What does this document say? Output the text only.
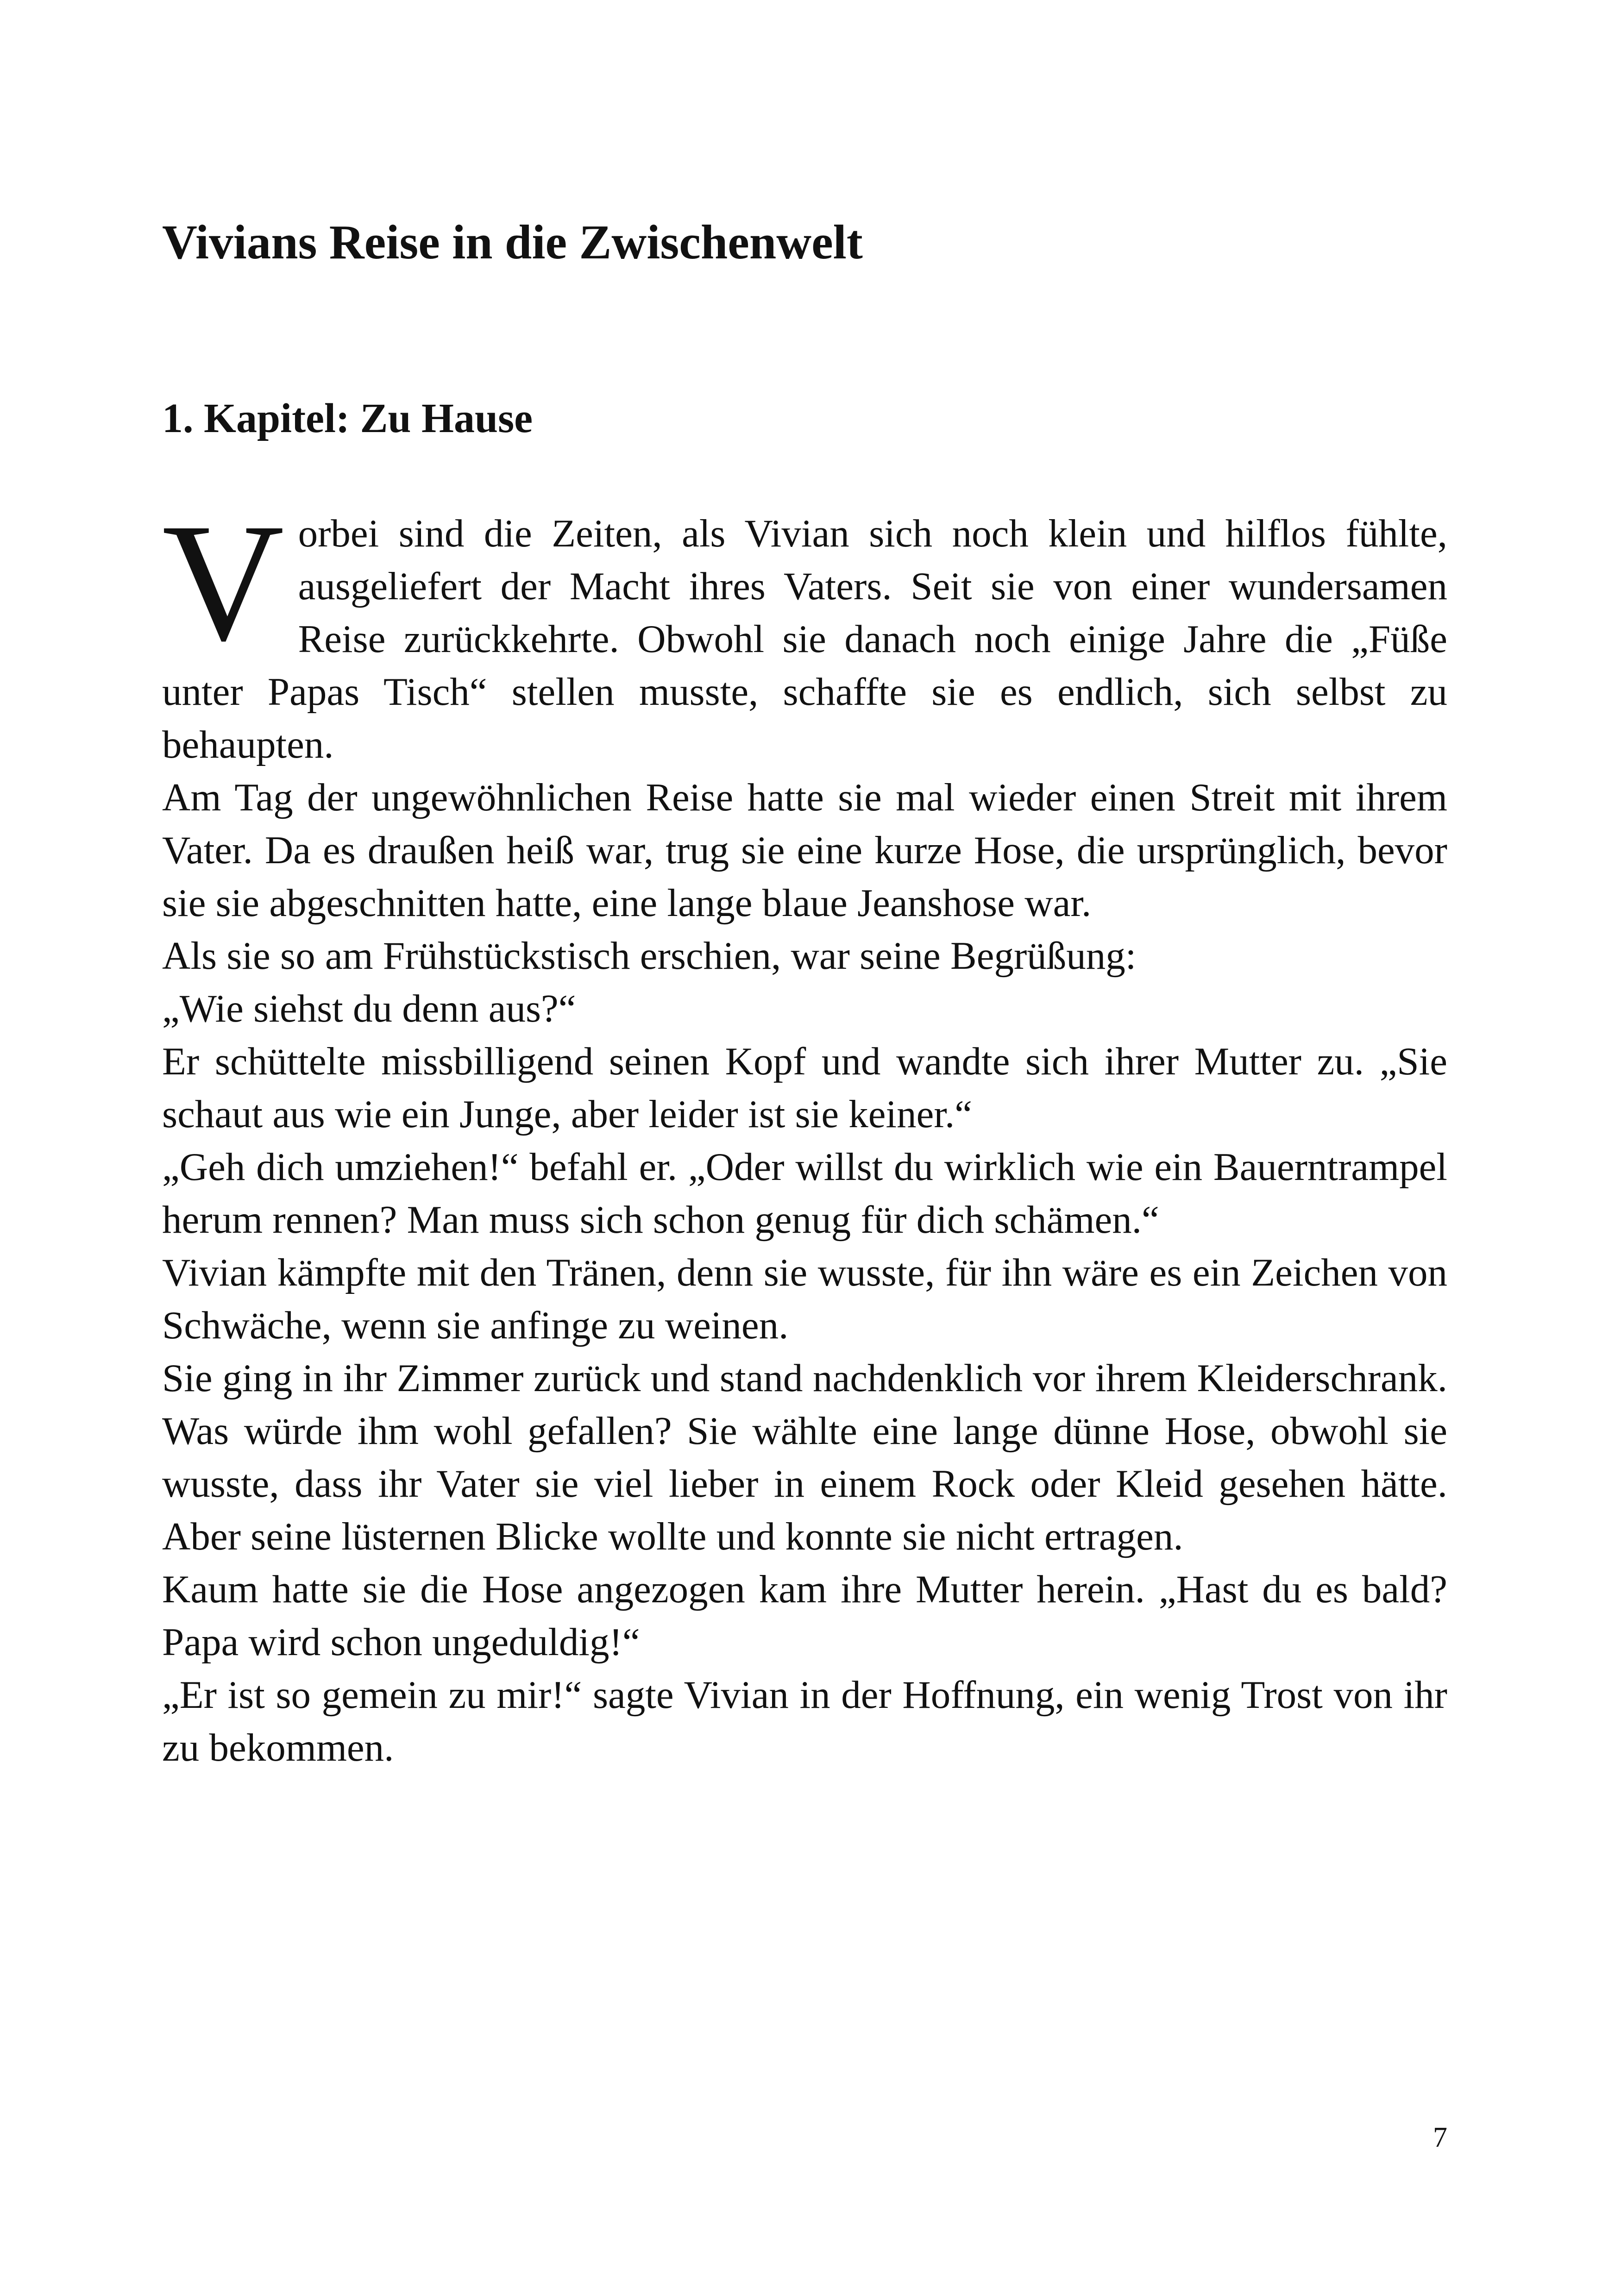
Vivians Reise in die Zwischenwelt
1. Kapitel: Zu Hause

Vorbei sind die Zeiten, als Vivian sich noch klein und hilflos fühlte, ausgeliefert der Macht ihres Vaters. Seit sie von einer wundersamen Reise zurückkehrte. Obwohl sie danach noch einige Jahre die „Füße unter Papas Tisch“ stellen musste, schaffte sie es endlich, sich selbst zu behaupten.

Am Tag der ungewöhnlichen Reise hatte sie mal wieder einen Streit mit ihrem Vater. Da es draußen heiß war, trug sie eine kurze Hose, die ursprünglich, bevor sie sie abgeschnitten hatte, eine lange blaue Jeanshose war.

Als sie so am Frühstückstisch erschien, war seine Begrüßung:

„Wie siehst du denn aus?“

Er schüttelte missbilligend seinen Kopf und wandte sich ihrer Mutter zu. „Sie schaut aus wie ein Junge, aber leider ist sie keiner.“

„Geh dich umziehen!“ befahl er. „Oder willst du wirklich wie ein Bauerntrampel herum rennen? Man muss sich schon genug für dich schämen.“

Vivian kämpfte mit den Tränen, denn sie wusste, für ihn wäre es ein Zeichen von Schwäche, wenn sie anfinge zu weinen.

Sie ging in ihr Zimmer zurück und stand nachdenklich vor ihrem Kleiderschrank. Was würde ihm wohl gefallen? Sie wählte eine lange dünne Hose, obwohl sie wusste, dass ihr Vater sie viel lieber in einem Rock oder Kleid gesehen hätte. Aber seine lüsternen Blicke wollte und konnte sie nicht ertragen.

Kaum hatte sie die Hose angezogen kam ihre Mutter herein. „Hast du es bald? Papa wird schon ungeduldig!“

„Er ist so gemein zu mir!“ sagte Vivian in der Hoffnung, ein wenig Trost von ihr zu bekommen.

7
